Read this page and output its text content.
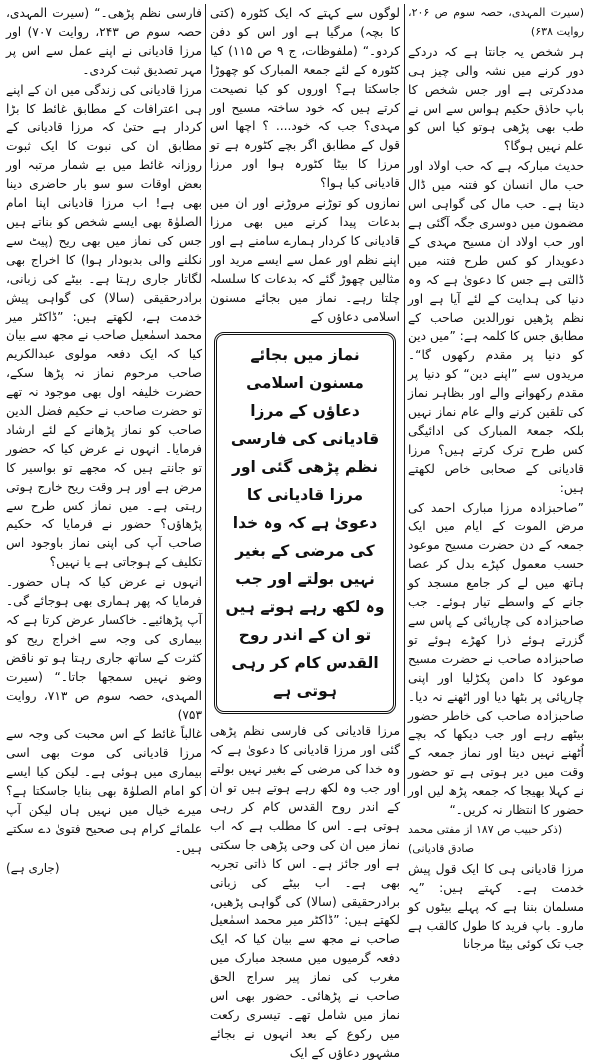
(سیرت المہدی، حصہ سوم ص ۲۰۶، روایت ۶۳۸)

ہر شخص یہ جانتا ہے کہ دردکے دور کرنے میں نشہ والی چیز ہی مددکرتی ہے اور جس شخص کا باپ حاذق حکیم ہواس سے اس نے طب بھی پڑھی ہوتو کیا اس کو علم نہیں ہوگا؟

حدیث مبارکہ ہے کہ حب اولاد اور حب مال انسان کو فتنہ میں ڈال دیتا ہے۔ حب مال کی گواہی اس مضمون میں دوسری جگہ آگئی ہے اور حب اولاد ان مسیح مہدی کے دعویدار کو کس طرح فتنہ میں ڈالتی ہے جس کا دعویٰ ہے کہ وہ دنیا کی ہدایت کے لئے آیا ہے اور نظم پڑھیں نورالدین صاحب کے مطابق جس کا کلمہ ہے: ”میں دین کو دنیا پر مقدم رکھوں گا“۔ مریدوں سے ”اپنے دین“ کو دنیا پر مقدم رکھوانے والے اور بظاہر نماز کی تلقین کرنے والے عام نماز نہیں بلکہ جمعۃ المبارک کی ادائیگی کس طرح ترک کرتے ہیں؟ مرزا قادیانی کے صحابی خاص لکھتے ہیں:

”صاحبزادہ مرزا مبارک احمد کی مرض الموت کے ایام میں ایک جمعہ کے دن حضرت مسیح موعود حسب معمول کپڑے بدل کر عصا ہاتھ میں لے کر جامع مسجد کو جانے کے واسطے تیار ہوئے۔ جب صاحبزادہ کی چارپائی کے پاس سے گزرتے ہوئے ذرا کھڑے ہوئے تو صاحبزادہ صاحب نے حضرت مسیح موعود کا دامن پکڑلیا اور اپنی چارپائی پر بٹھا دیا اور اٹھنے نہ دیا۔ صاحبزادہ صاحب کی خاطر حضور بیٹھے رہے اور جب دیکھا کہ بچے اُٹھنے نہیں دیتا اور نماز جمعہ کے وقت میں دیر ہوتی ہے تو حضور نے کہلا بھیجا کہ جمعہ پڑھ لیں اور حضور کا انتظار نہ کریں۔“

(ذکر حبیب ص ۱۸۷ از مفتی محمد صادق قادیانی)

مرزا قادیانی ہی کا ایک قول پیش خدمت ہے۔ کہتے ہیں: ”یہ مسلمان بننا ہے کہ پہلے بیٹوں کو مارو۔ باپ فرید کا طول کالقب ہے جب تک کوئی بیٹا مرجانا

لوگوں سے کہتے کہ ایک کٹورہ (کتی کا بچہ) مرگیا ہے اور اس کو دفن کردو۔“ (ملفوظات، ج ۹ ص ۱۱۵) کیا کٹورہ کے لئے جمعۃ المبارک کو چھوڑا جاسکتا ہے؟ اوروں کو کیا نصیحت کرتے ہیں کہ خود ساختہ مسیح اور مہدی؟ جب کہ خود.... ؟ اچھا اس قول کے مطابق اگر بچے کٹورہ ہے تو مرزا کا بیٹا کٹورہ ہوا اور مرزا قادیانی کیا ہوا؟

نمازوں کو توڑنے مروڑنے اور ان میں بدعات پیدا کرنے میں بھی مرزا قادیانی کا کردار ہمارے سامنے ہے اور اپنے نظم اور عمل سے ایسے مرید اور مثالیں چھوڑ گئے کہ بدعات کا سلسلہ چلتا رہے۔ نماز میں بجائے مسنون اسلامی دعاؤں کے

نماز میں بجائے مسنون اسلامی دعاؤں کے مرزا قادیانی کی فارسی نظم پڑھی گئی اور مرزا قادیانی کا دعویٰ ہے کہ وہ خدا کی مرضی کے بغیر نہیں بولتے اور جب وہ لکھ رہے ہوتے ہیں تو ان کے اندر روح القدس کام کر رہی ہوتی ہے

مرزا قادیانی کی فارسی نظم پڑھی گئی اور مرزا قادیانی کا دعویٰ ہے کہ وہ خدا کی مرضی کے بغیر نہیں بولتے اور جب وہ لکھ رہے ہوتے ہیں تو ان کے اندر روح القدس کام کر رہی ہوتی ہے۔ اس کا مطلب ہے کہ اب نماز میں ان کی وحی پڑھی جا سکتی ہے اور جائز ہے۔ اس کا ذاتی تجربہ بھی ہے۔ اب بیٹے کی زبانی برادرحقیقی (سالا) کی گواہی پڑھیں، لکھتے ہیں: ”ڈاکٹر میر محمد اسمٰعیل صاحب نے مجھ سے بیان کیا کہ ایک دفعہ گرمیوں میں مسجد مبارک میں مغرب کی نماز پیر سراج الحق صاحب نے پڑھائی۔ حضور بھی اس نماز میں شامل تھے۔ تیسری رکعت میں رکوع کے بعد انہوں نے بجائے مشہور دعاؤں کے ایک

فارسی نظم پڑھی۔“ (سیرت المہدی، حصہ سوم ص ۲۴۳، روایت ۷۰۷) اور مرزا قادیانی نے اپنے عمل سے اس پر مہر تصدیق ثبت کردی۔

مرزا قادیانی کی زندگی میں ان کے اپنے ہی اعترافات کے مطابق غائط کا بڑا کردار ہے حتیٰ کہ مرزا قادیانی کے مطابق ان کی نبوت کا ایک ثبوت روزانہ غائط میں بے شمار مرتبہ اور بعض اوقات سو سو بار حاضری دینا بھی ہے! اب مرزا قادیانی اپنا امام الصلوٰۃ بھی ایسے شخص کو بناتے ہیں جس کی نماز میں بھی ریح (پیٹ سے نکلنے والی بدبودار ہوا) کا اخراج بھی لگاتار جاری رہتا ہے۔ بیٹے کی زبانی، برادرحقیقی (سالا) کی گواہی پیش خدمت ہے، لکھتے ہیں: ”ڈاکٹر میر محمد اسمٰعیل صاحب نے مجھ سے بیان کیا کہ ایک دفعہ مولوی عبدالکریم صاحب مرحوم نماز نہ پڑھا سکے، حضرت خلیفہ اول بھی موجود نہ تھے تو حضرت صاحب نے حکیم فضل الدین صاحب کو نماز پڑھانے کے لئے ارشاد فرمایا۔ انہوں نے عرض کیا کہ حضور تو جانتے ہیں کہ مجھے تو بواسیر کا مرض ہے اور ہر وقت ریح خارج ہوتی رہتی ہے۔ میں نماز کس طرح سے پڑھاؤں؟ حضور نے فرمایا کہ حکیم صاحب آپ کی اپنی نماز باوجود اس تکلیف کے ہوجاتی ہے یا نہیں؟

انہوں نے عرض کیا کہ ہاں حضور۔ فرمایا کہ پھر ہماری بھی ہوجائے گی۔ آپ پڑھائیے۔ خاکسار عرض کرتا ہے کہ بیماری کی وجہ سے اخراج ریح کو کثرت کے ساتھ جاری رہتا ہو تو ناقض وضو نہیں سمجھا جاتا۔“ (سیرت المہدی، حصہ سوم ص ۷۱۳، روایت ۷۵۳)

غالباً غائط کے اس محبت کی وجہ سے مرزا قادیانی کی موت بھی اسی بیماری میں ہوئی ہے۔ لیکن کیا ایسے کو امام الصلوٰۃ بھی بنایا جاسکتا ہے؟ میرے خیال میں نہیں ہاں لیکن آپ علمائے کرام ہی صحیح فتویٰ دے سکتے ہیں۔

(جاری ہے)
